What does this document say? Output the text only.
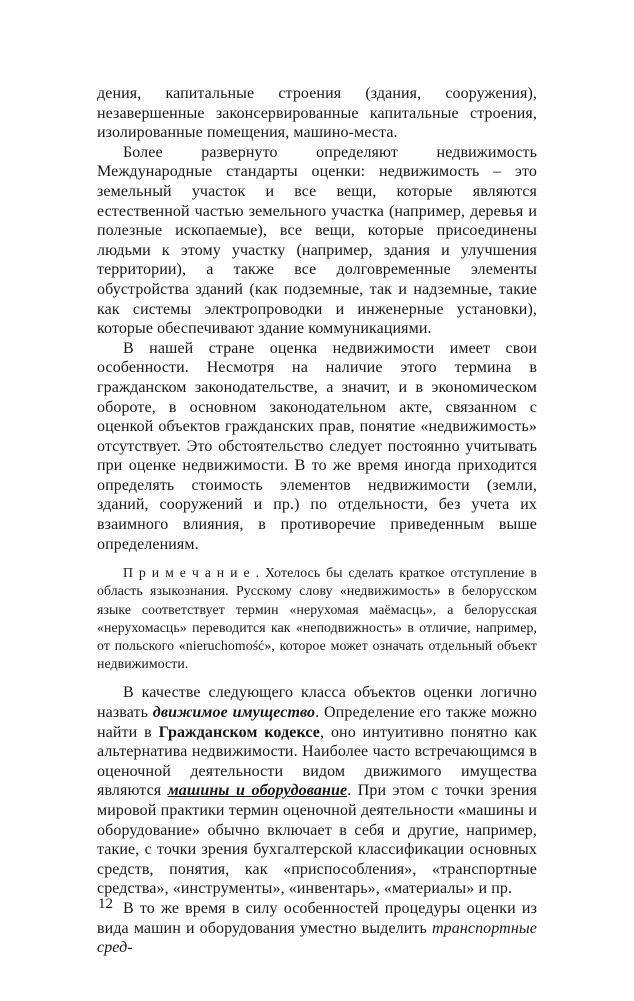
дения, капитальные строения (здания, сооружения), незавершенные законсервированные капитальные строения, изолированные помещения, машино-места.

Более развернуто определяют недвижимость Международные стандарты оценки: недвижимость – это земельный участок и все вещи, которые являются естественной частью земельного участка (например, деревья и полезные ископаемые), все вещи, которые присоединены людьми к этому участку (например, здания и улучшения территории), а также все долговременные элементы обустройства зданий (как подземные, так и надземные, такие как системы электропроводки и инженерные установки), которые обеспечивают здание коммуникациями.

В нашей стране оценка недвижимости имеет свои особенности. Несмотря на наличие этого термина в гражданском законодательстве, а значит, и в экономическом обороте, в основном законодательном акте, связанном с оценкой объектов гражданских прав, понятие «недвижимость» отсутствует. Это обстоятельство следует постоянно учитывать при оценке недвижимости. В то же время иногда приходится определять стоимость элементов недвижимости (земли, зданий, сооружений и пр.) по отдельности, без учета их взаимного влияния, в противоречие приведенным выше определениям.

П р и м е ч а н и е . Хотелось бы сделать краткое отступление в область языкознания. Русскому слову «недвижимость» в белорусском языке соответствует термин «нерухомая маёмасць», а белорусская «нерухомасць» переводится как «неподвижность» в отличие, например, от польского «nieruchomość», которое может означать отдельный объект недвижимости.

В качестве следующего класса объектов оценки логично назвать движимое имущество. Определение его также можно найти в Гражданском кодексе, оно интуитивно понятно как альтернатива недвижимости. Наиболее часто встречающимся в оценочной деятельности видом движимого имущества являются машины и оборудование. При этом с точки зрения мировой практики термин оценочной деятельности «машины и оборудование» обычно включает в себя и другие, например, такие, с точки зрения бухгалтерской классификации основных средств, понятия, как «приспособления», «транспортные средства», «инструменты», «инвентарь», «материалы» и пр.

В то же время в силу особенностей процедуры оценки из вида машин и оборудования уместно выделить транспортные сред-

12
